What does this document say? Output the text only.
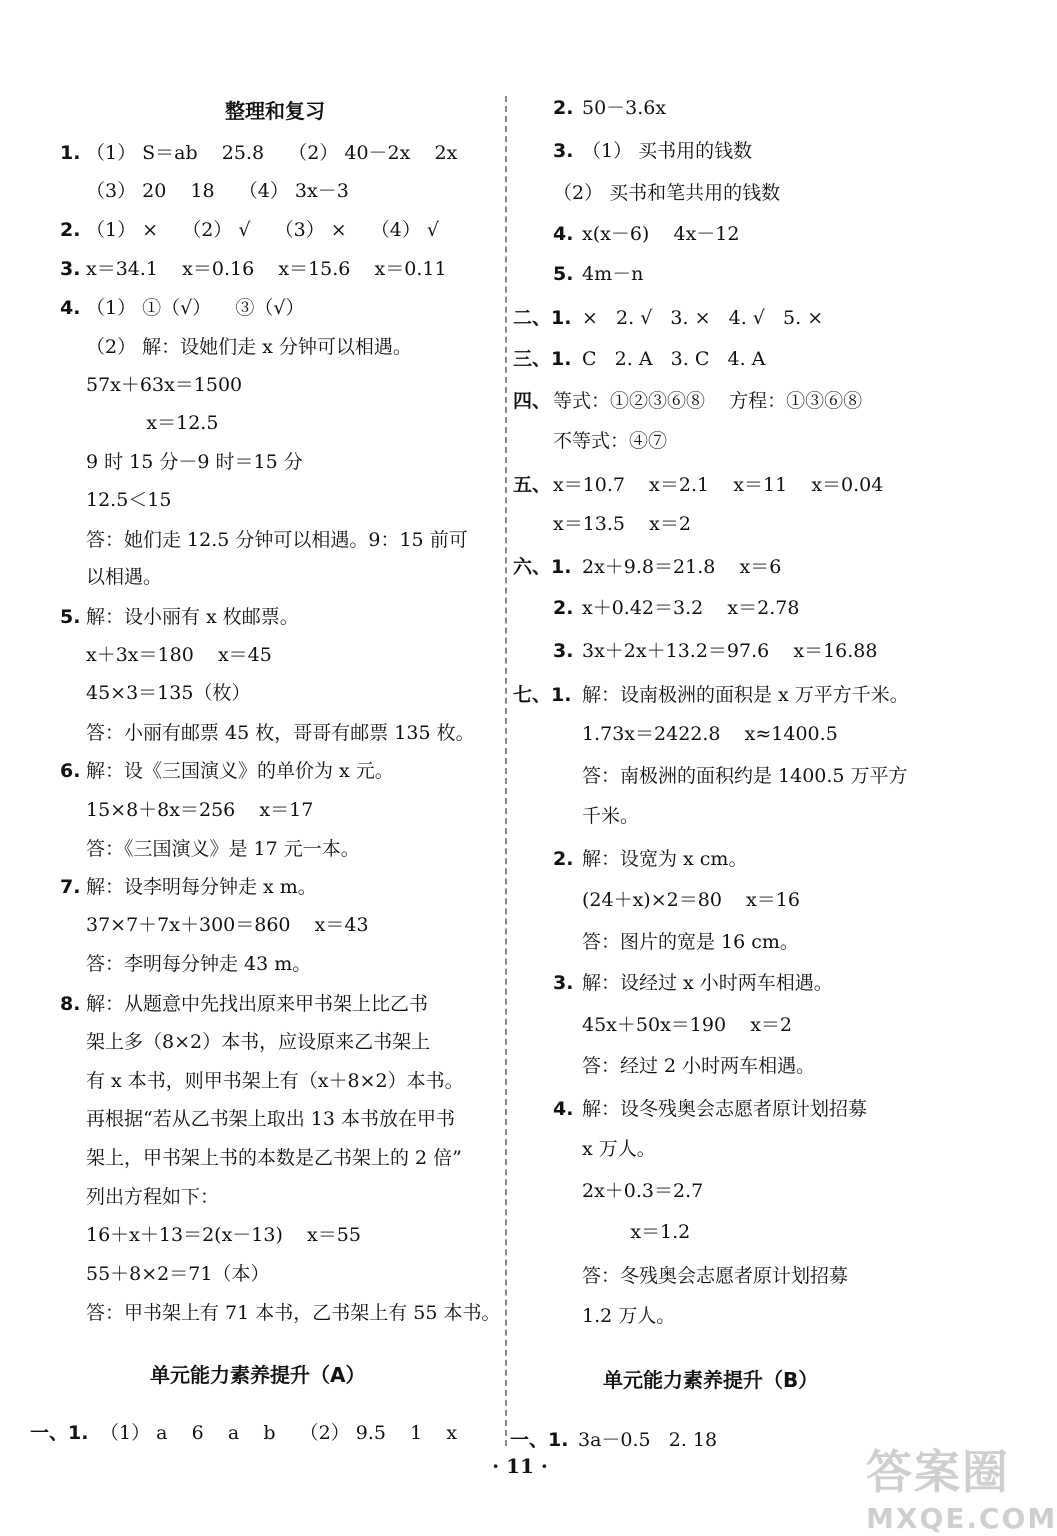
整理和复习
1. （1） S＝ab    25.8    （2） 40－2x    2x
（3） 20    18    （4） 3x－3
2. （1） ×    （2） √    （3） ×    （4） √
3. x＝34.1    x＝0.16    x＝15.6    x＝0.11
4. （1） ①（√）    ③（√）
（2） 解：设她们走 x 分钟可以相遇。
57x＋63x＝1500
x＝12.5
9 时 15 分－9 时＝15 分
12.5＜15
答：她们走 12.5 分钟可以相遇。9：15 前可
以相遇。
5. 解：设小丽有 x 枚邮票。
x＋3x＝180    x＝45
45×3＝135（枚）
答：小丽有邮票 45 枚，哥哥有邮票 135 枚。
6. 解：设《三国演义》的单价为 x 元。
15×8＋8x＝256    x＝17
答：《三国演义》是 17 元一本。
7. 解：设李明每分钟走 x m。
37×7＋7x＋300＝860    x＝43
答：李明每分钟走 43 m。
8. 解：从题意中先找出原来甲书架上比乙书
架上多（8×2）本书，应设原来乙书架上
有 x 本书，则甲书架上有（x＋8×2）本书。
再根据“若从乙书架上取出 13 本书放在甲书
架上，甲书架上书的本数是乙书架上的 2 倍”
列出方程如下：
16＋x＋13＝2(x－13)    x＝55
55＋8×2＝71（本）
答：甲书架上有 71 本书，乙书架上有 55 本书。
单元能力素养提升（A）
一、1. （1） a    6    a    b    （2） 9.5    1    x
2. 50－3.6x
3. （1） 买书用的钱数
（2） 买书和笔共用的钱数
4. x(x－6)    4x－12
5. 4m－n
二、1. ×   2. √   3. ×   4. √   5. ×
三、1. C   2. A   3. C   4. A
四、 等式：①②③⑥⑧    方程：①③⑥⑧
不等式：④⑦
五、 x＝10.7    x＝2.1    x＝11    x＝0.04
x＝13.5    x＝2
六、1. 2x＋9.8＝21.8    x＝6
2. x＋0.42＝3.2    x＝2.78
3. 3x＋2x＋13.2＝97.6    x＝16.88
七、1. 解：设南极洲的面积是 x 万平方千米。
1.73x＝2422.8    x≈1400.5
答：南极洲的面积约是 1400.5 万平方
千米。
2. 解：设宽为 x cm。
(24＋x)×2＝80    x＝16
答：图片的宽是 16 cm。
3. 解：设经过 x 小时两车相遇。
45x＋50x＝190    x＝2
答：经过 2 小时两车相遇。
4. 解：设冬残奥会志愿者原计划招募
x 万人。
2x＋0.3＝2.7
x＝1.2
答：冬残奥会志愿者原计划招募
1.2 万人。
单元能力素养提升（B）
一、1. 3a－0.5   2. 18
· 11 ·	答案圈
MXQE.COM
